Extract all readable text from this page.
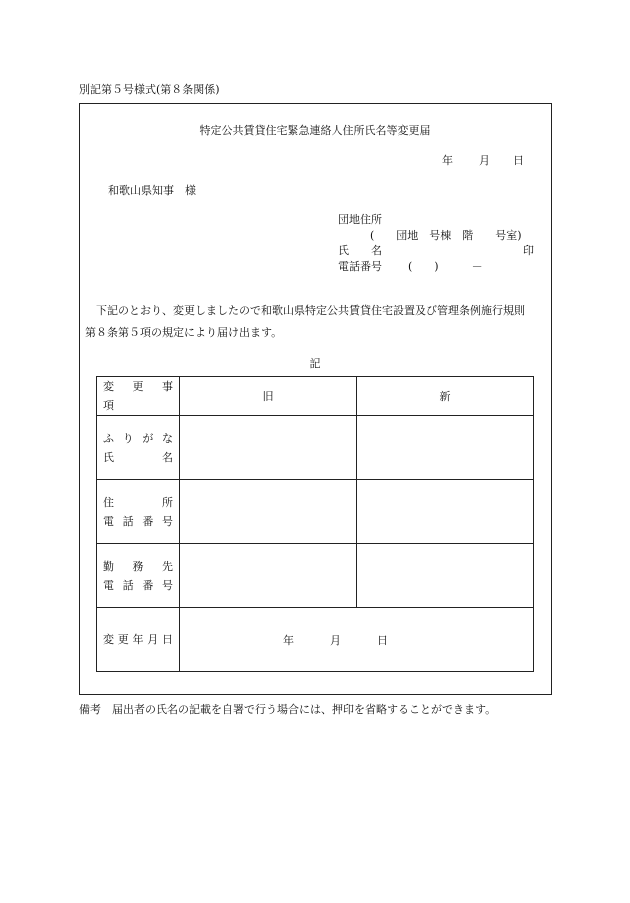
別記第５号様式(第８条関係)
特定公共賃貸住宅緊急連絡人住所氏名等変更届
年 月 日
和歌山県知事　様
団地住所
(　　団地　号棟　階　　号室)
氏　　名	印
電話番号 (　　)　　　－
下記のとおり、変更しましたので和歌山県特定公共賃貸住宅設置及び管理条例施行規則
第８条第５項の規定により届け出ます。
記
変　更　事　項	旧	新

ふ り が な
氏　　名		

住　　所
電 話 番 号		

勤 務 先
電 話 番 号		

変 更 年 月 日	年 月 日	
備考　届出者の氏名の記載を自署で行う場合には、押印を省略することができます。
